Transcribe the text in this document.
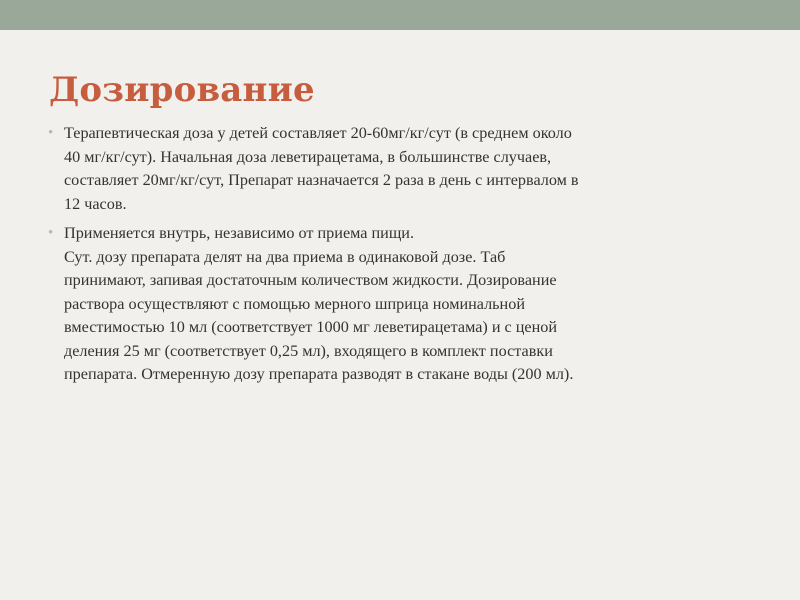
Дозирование
• Терапевтическая доза у детей составляет 20-60мг/кг/сут (в среднем около
40 мг/кг/сут). Начальная доза леветирацетама, в большинстве случаев,
составляет 20мг/кг/сут, Препарат назначается 2 раза в день с интервалом в
12 часов.
• Применяется внутрь, независимо от приема пищи.
Сут. дозу препарата делят на два приема в одинаковой дозе. Таб
принимают, запивая достаточным количеством жидкости. Дозирование
раствора осуществляют с помощью мерного шприца номинальной
вместимостью 10 мл (соответствует 1000 мг леветирацетама) и с ценой
деления 25 мг (соответствует 0,25 мл), входящего в комплект поставки
препарата. Отмеренную дозу препарата разводят в стакане воды (200 мл).
